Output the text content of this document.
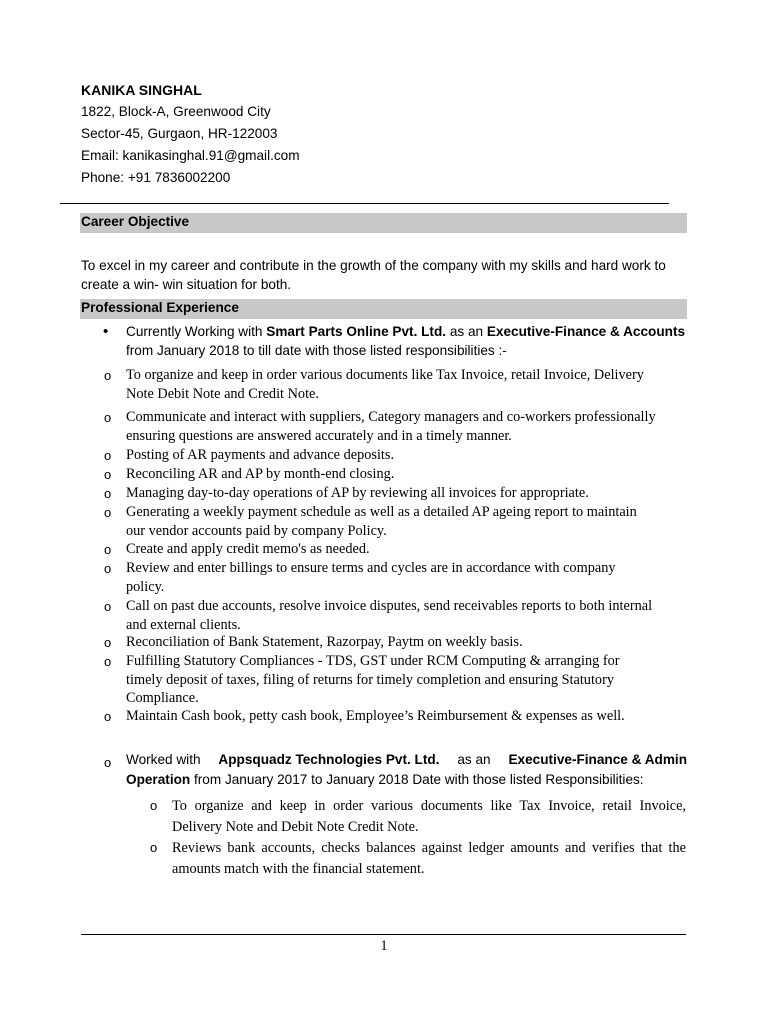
KANIKA SINGHAL
1822, Block-A, Greenwood City
Sector-45, Gurgaon, HR-122003
Email: kanikasinghal.91@gmail.com
Phone: +91 7836002200
Career Objective
To excel in my career and contribute in the growth of the company with my skills and hard work to
create a win- win situation for both.
Professional Experience
• Currently Working with Smart Parts Online Pvt. Ltd. as an Executive-Finance & Accounts
from January 2018 to till date with those listed responsibilities :-
o To organize and keep in order various documents like Tax Invoice, retail Invoice, Delivery
Note Debit Note and Credit Note.
o Communicate and interact with suppliers, Category managers and co-workers professionally
ensuring questions are answered accurately and in a timely manner.
o Posting of AR payments and advance deposits.
o Reconciling AR and AP by month-end closing.
o Managing day-to-day operations of AP by reviewing all invoices for appropriate.
o Generating a weekly payment schedule as well as a detailed AP ageing report to maintain
our vendor accounts paid by company Policy.
o Create and apply credit memo's as needed.
o Review and enter billings to ensure terms and cycles are in accordance with company
policy.
o Call on past due accounts, resolve invoice disputes, send receivables reports to both internal
and external clients.
o Reconciliation of Bank Statement, Razorpay, Paytm on weekly basis.
o Fulfilling Statutory Compliances - TDS, GST under RCM Computing & arranging for
timely deposit of taxes, filing of returns for timely completion and ensuring Statutory
Compliance.
o Maintain Cash book, petty cash book, Employee’s Reimbursement & expenses as well.
o Worked with Appsquadz Technologies Pvt. Ltd. as an Executive-Finance & Admin
Operation from January 2017 to January 2018 Date with those listed Responsibilities:
o To organize and keep in order various documents like Tax Invoice, retail Invoice,
Delivery Note and Debit Note Credit Note.
o Reviews bank accounts, checks balances against ledger amounts and verifies that the
amounts match with the financial statement.
1
